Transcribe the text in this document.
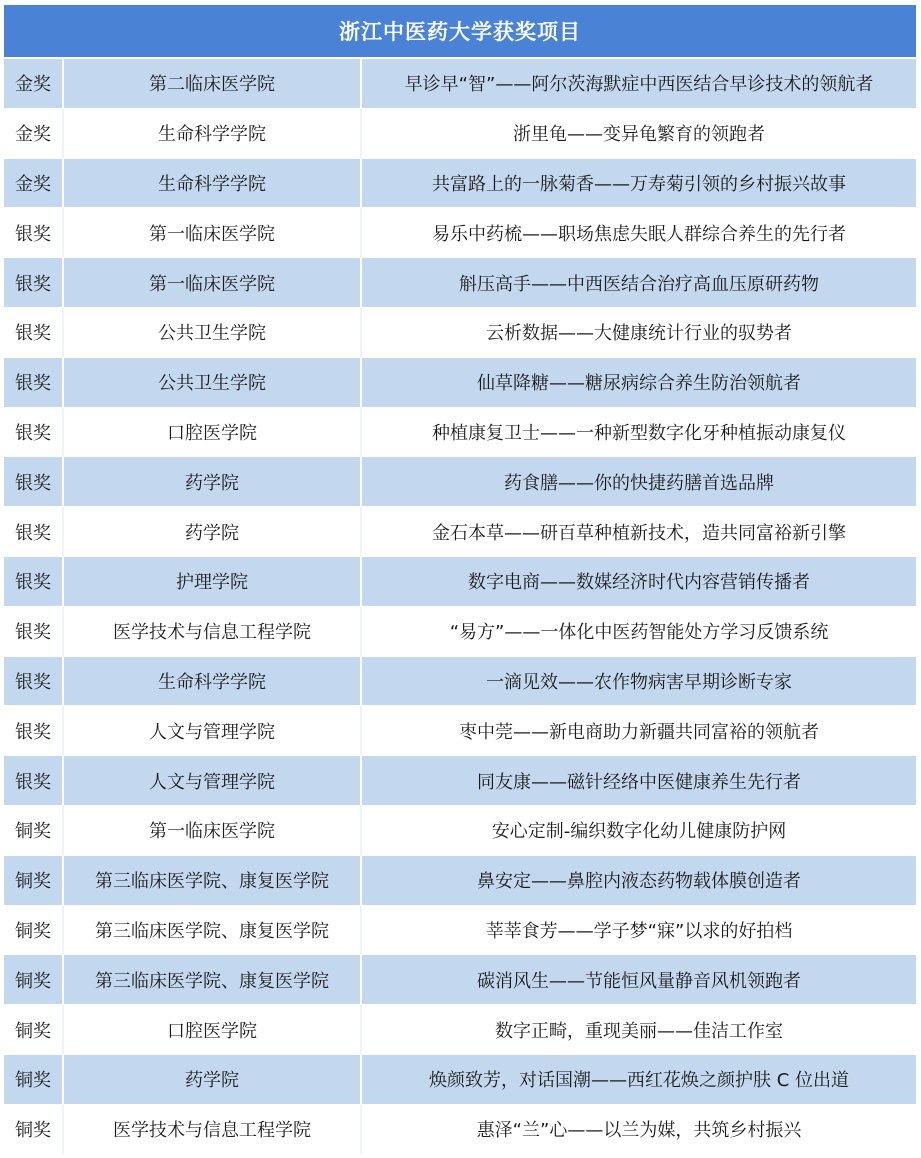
浙江中医药大学获奖项目		
金奖	第二临床医学院	早诊早“智”——阿尔茨海默症中西医结合早诊技术的领航者
金奖	生命科学学院	浙里龟——变异龟繁育的领跑者
金奖	生命科学学院	共富路上的一脉菊香——万寿菊引领的乡村振兴故事
银奖	第一临床医学院	易乐中药梳——职场焦虑失眠人群综合养生的先行者
银奖	第一临床医学院	斛压高手——中西医结合治疗高血压原研药物
银奖	公共卫生学院	云析数据——大健康统计行业的驭势者
银奖	公共卫生学院	仙草降糖——糖尿病综合养生防治领航者
银奖	口腔医学院	种植康复卫士——一种新型数字化牙种植振动康复仪
银奖	药学院	药食膳——你的快捷药膳首选品牌
银奖	药学院	金石本草——研百草种植新技术，造共同富裕新引擎
银奖	护理学院	数字电商——数媒经济时代内容营销传播者
银奖	医学技术与信息工程学院	“易方”——一体化中医药智能处方学习反馈系统
银奖	生命科学学院	一滴见效——农作物病害早期诊断专家
银奖	人文与管理学院	枣中莞——新电商助力新疆共同富裕的领航者
银奖	人文与管理学院	同友康——磁针经络中医健康养生先行者
铜奖	第一临床医学院	安心定制-编织数字化幼儿健康防护网
铜奖	第三临床医学院、康复医学院	鼻安定——鼻腔内液态药物载体膜创造者
铜奖	第三临床医学院、康复医学院	莘莘食芳——学子梦“寐”以求的好拍档
铜奖	第三临床医学院、康复医学院	碳消风生——节能恒风量静音风机领跑者
铜奖	口腔医学院	数字正畸，重现美丽——佳洁工作室
铜奖	药学院	焕颜致芳，对话国潮——西红花焕之颜护肤 C 位出道
铜奖	医学技术与信息工程学院	惠泽“兰”心——以兰为媒，共筑乡村振兴
